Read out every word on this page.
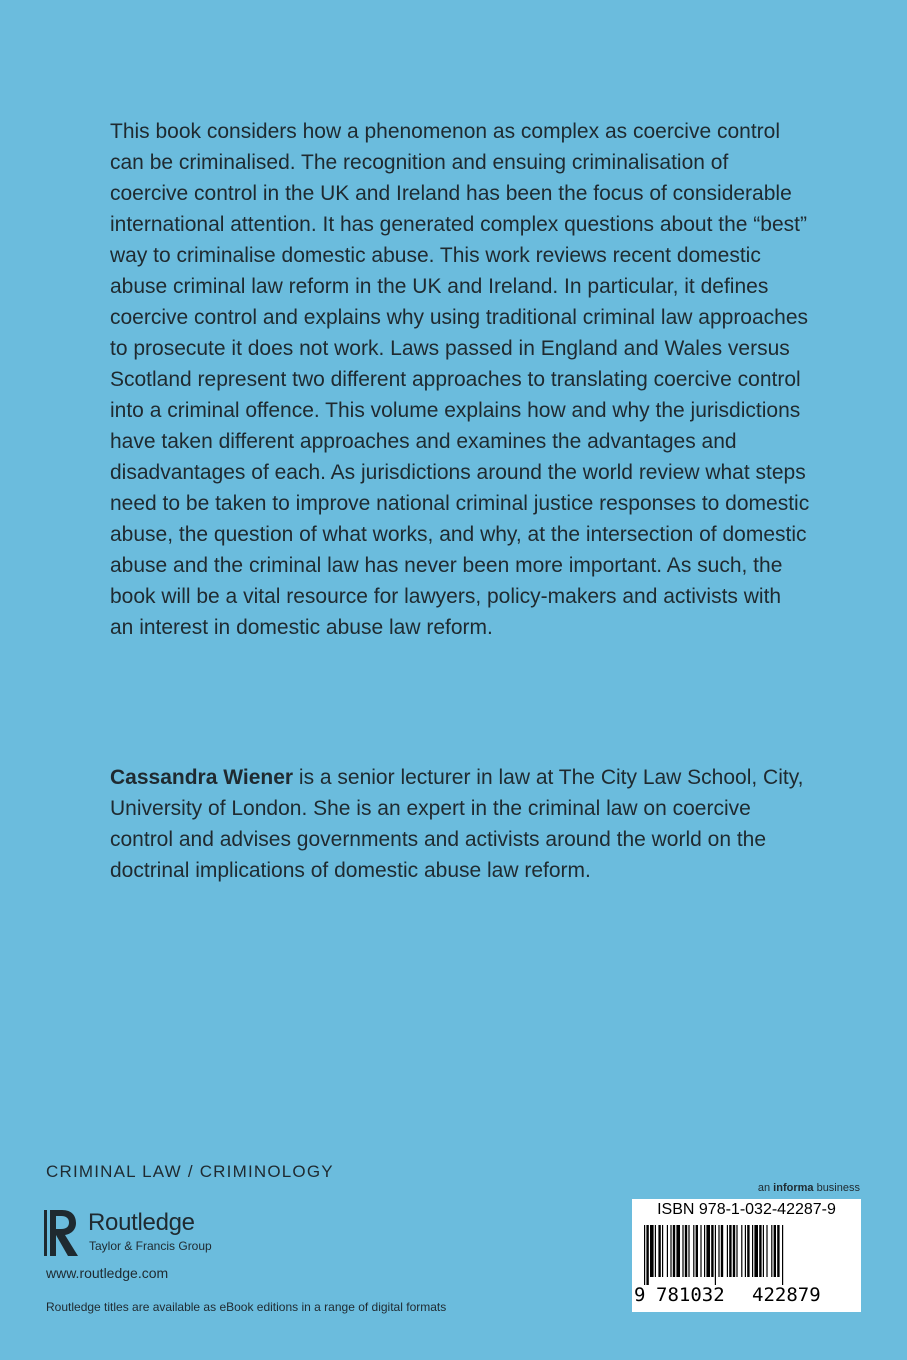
This book considers how a phenomenon as complex as coercive control can be criminalised. The recognition and ensuing criminalisation of coercive control in the UK and Ireland has been the focus of considerable international attention. It has generated complex questions about the “best” way to criminalise domestic abuse. This work reviews recent domestic abuse criminal law reform in the UK and Ireland. In particular, it defines coercive control and explains why using traditional criminal law approaches to prosecute it does not work. Laws passed in England and Wales versus Scotland represent two different approaches to translating coercive control into a criminal offence. This volume explains how and why the jurisdictions have taken different approaches and examines the advantages and disadvantages of each. As jurisdictions around the world review what steps need to be taken to improve national criminal justice responses to domestic abuse, the question of what works, and why, at the intersection of domestic abuse and the criminal law has never been more important. As such, the book will be a vital resource for lawyers, policy-makers and activists with an interest in domestic abuse law reform.

Cassandra Wiener is a senior lecturer in law at The City Law School, City, University of London. She is an expert in the criminal law on coercive control and advises governments and activists around the world on the doctrinal implications of domestic abuse law reform.

CRIMINAL LAW / CRIMINOLOGY
Routledge
Taylor & Francis Group
www.routledge.com
Routledge titles are available as eBook editions in a range of digital formats
an informa business
ISBN 978-1-032-42287-9
9 781032 422879
